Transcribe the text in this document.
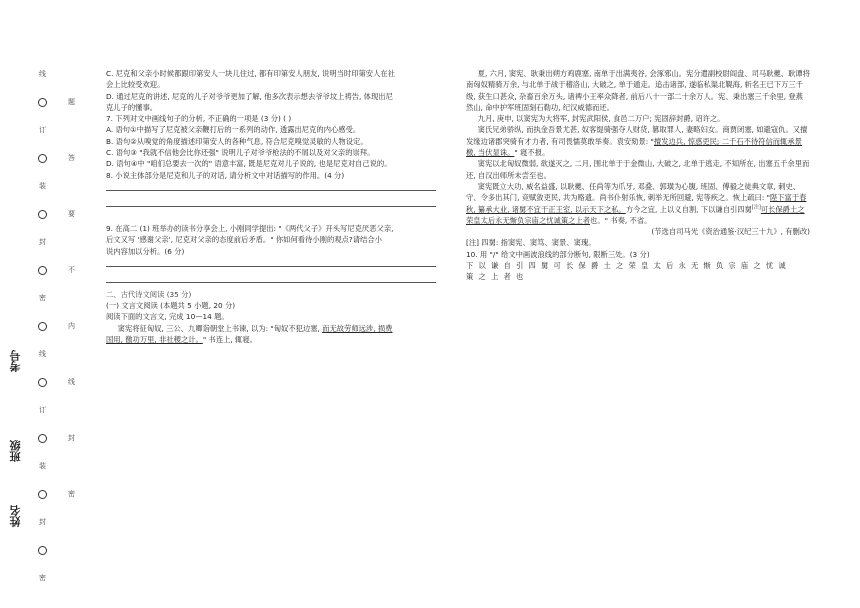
线
订
装
封
密
线
订
装
封
密
题
答
要
不
内
线
封
密
考号
班级
姓名

C. 尼克和父亲小时候都跟印第安人一块儿住过, 都有印第安人朋友, 说明当时印第安人在社

会上比较受欢迎。

D. 通过尼克的讲述, 尼克的儿子对爷爷更加了解, 他多次表示想去爷爷坟上祷告, 体现出尼

克儿子的懂事。

7. 下列对文中画线句子的分析, 不正确的一项是 (3 分) ( )

A. 语句①中描写了尼克被父亲鞭打后的一系列的动作, 透露出尼克的内心感受。

B. 语句②从嗅觉的角度描述印第安人的各种气息, 符合尼克嗅觉灵敏的人物设定。

C. 语句③ "我就不信他会比你还强" 说明儿子对爷爷枪法的不屑以及对父亲的崇拜。

D. 语句④中 "咱们总要去一次的" 语意丰富, 既是尼克对儿子说的, 也是尼克对自己说的。

8. 小说主体部分是尼克和儿子的对话, 请分析文中对话描写的作用。(4 分)

9. 在高二 (1) 班举办的读书分享会上, 小刚同学提出: "《两代父子》开头写尼克厌恶父亲,

后文又写 '感谢父亲', 尼克对父亲的态度前后矛盾。" 你如何看待小刚的观点?请结合小

说内容加以分析。(6 分)

二、古代诗文阅读 (35 分)

(一) 文言文阅读 (本题共 5 小题, 20 分)

阅读下面的文言文, 完成 10—14 题。

窦宪将征匈奴, 三公、九卿诣朝堂上书谏, 以为: "匈奴不犯边塞, 而无故劳师远涉, 损费
国用, 徼功万里, 非社稷之计。" 书连上, 辄寝。

夏, 六月, 窦宪、耿秉出朔方鸡鹿塞, 南单于出满夷谷, 会涿邪山。宪分遣副校尉阎盘、司马耿夔、耿谭将南匈奴精骑万余, 与北单于战于稽洛山, 大破之, 单于遁走。追击诸部, 遂临私渠北鞮海, 斩名王已下万三千级, 获生口甚众, 杂畜百余万头, 诸裨小王率众降者, 前后八十一部二十余万人。宪、秉出塞三千余里, 登燕然山, 命中护军班固刻石勒功, 纪汉威德而还。

九月, 庚申, 以窦宪为大将军, 封宪武阳侯, 食邑二万户; 宪固辞封爵, 诏许之。

窦氏兄弟骄纵, 而执金吾景尤甚, 奴客缇骑强夺人财货, 篡取罪人, 妻略妇女。商贾闭塞, 如避寇仇。又擅发缘边诸郡突骑有才力者, 有司畏懦莫敢举奏。袁安劾景: "擅发边兵, 惊惑吏民; 二千石不待符信而辄承景檄, 当伏显诛。" 寝不报。

窦宪以北匈奴微弱, 欲遂灭之, 二月, 围北单于于金微山, 大破之, 北单于逃走, 不知所在, 出塞五千余里而还, 自汉出师所未尝至也。

窦宪既立大功, 威名益盛, 以耿夔、任尚等为爪牙, 邓叠、郭璜为心腹, 班固、傅毅之徒典文章, 刺史、守、令多出其门, 竞赋敛吏民, 共为赂遗。尚书仆射乐恢, 刺举无所回避, 宪等疾之。恢上疏曰: "陛下富于春秋, 纂承大业, 诸舅不宜干正王室, 以示天下之私。方今之宜, 上以义自割, 下以谦自引四舅[注]可长保爵土之荣皇太后永无惭负宗庙之忧诚策之上者也。" 书奏, 不省。

(节选自司马光《资治通鉴·汉纪三十九》, 有删改)

[注] 四舅: 指窦宪、窦笃、窦景、窦瑰。

10. 用 "/" 给文中画波浪线的部分断句, 限断三处。(3 分)

下以谦自引四舅可长保爵土之荣皇太后永无惭负宗庙之忧诚

策之上者也
